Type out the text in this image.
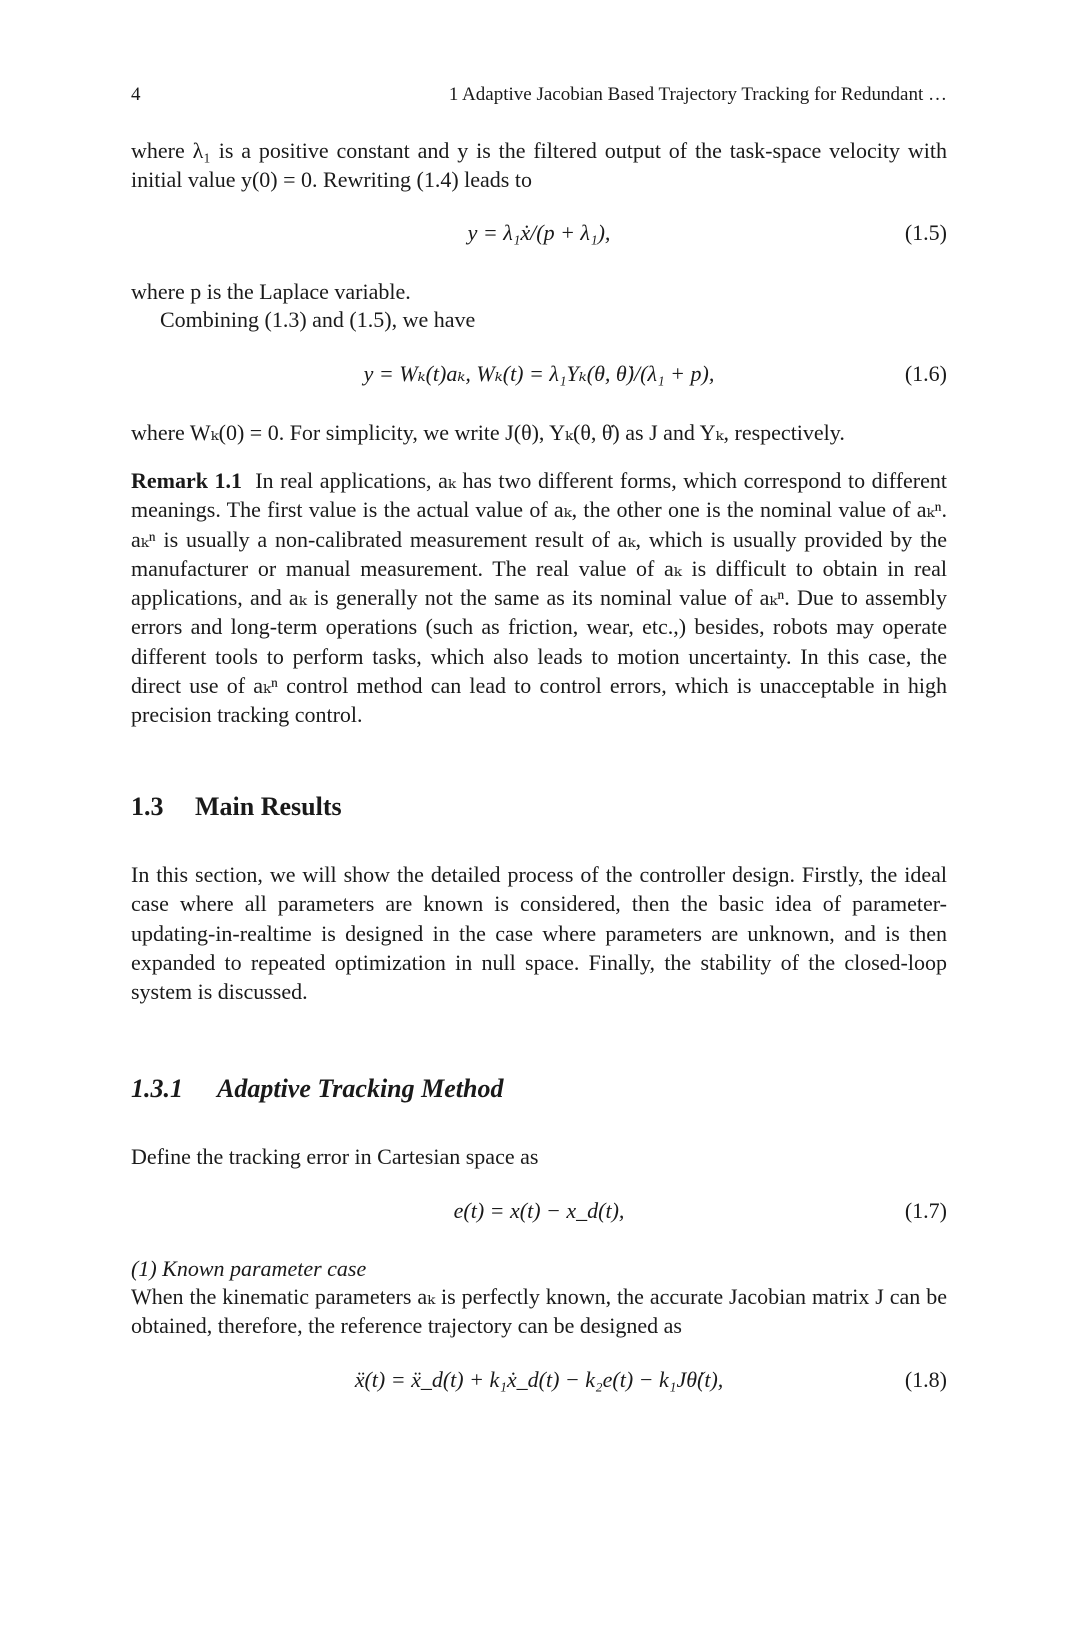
4	1 Adaptive Jacobian Based Trajectory Tracking for Redundant …
where λ₁ is a positive constant and y is the filtered output of the task-space velocity with initial value y(0) = 0. Rewriting (1.4) leads to
y = λ₁ẋ/(p + λ₁),	(1.5)
where p is the Laplace variable.
Combining (1.3) and (1.5), we have
y = Wₖ(t)aₖ, Wₖ(t) = λ₁Yₖ(θ, θ̇)/(λ₁ + p),	(1.6)
where Wₖ(0) = 0. For simplicity, we write J(θ), Yₖ(θ, θ̇) as J and Yₖ, respectively.
Remark 1.1 In real applications, aₖ has two different forms, which correspond to different meanings. The first value is the actual value of aₖ, the other one is the nominal value of aₖⁿ. aₖⁿ is usually a non-calibrated measurement result of aₖ, which is usually provided by the manufacturer or manual measurement. The real value of aₖ is difficult to obtain in real applications, and aₖ is generally not the same as its nominal value of aₖⁿ. Due to assembly errors and long-term operations (such as friction, wear, etc.,) besides, robots may operate different tools to perform tasks, which also leads to motion uncertainty. In this case, the direct use of aₖⁿ control method can lead to control errors, which is unacceptable in high precision tracking control.
1.3 Main Results
In this section, we will show the detailed process of the controller design. Firstly, the ideal case where all parameters are known is considered, then the basic idea of parameter-updating-in-realtime is designed in the case where parameters are unknown, and is then expanded to repeated optimization in null space. Finally, the stability of the closed-loop system is discussed.
1.3.1 Adaptive Tracking Method
Define the tracking error in Cartesian space as
e(t) = x(t) − x_d(t),	(1.7)
(1) Known parameter case
When the kinematic parameters aₖ is perfectly known, the accurate Jacobian matrix J can be obtained, therefore, the reference trajectory can be designed as
ẍ(t) = ẍ_d(t) + k₁ẋ_d(t) − k₂e(t) − k₁Jθ̇(t),	(1.8)
